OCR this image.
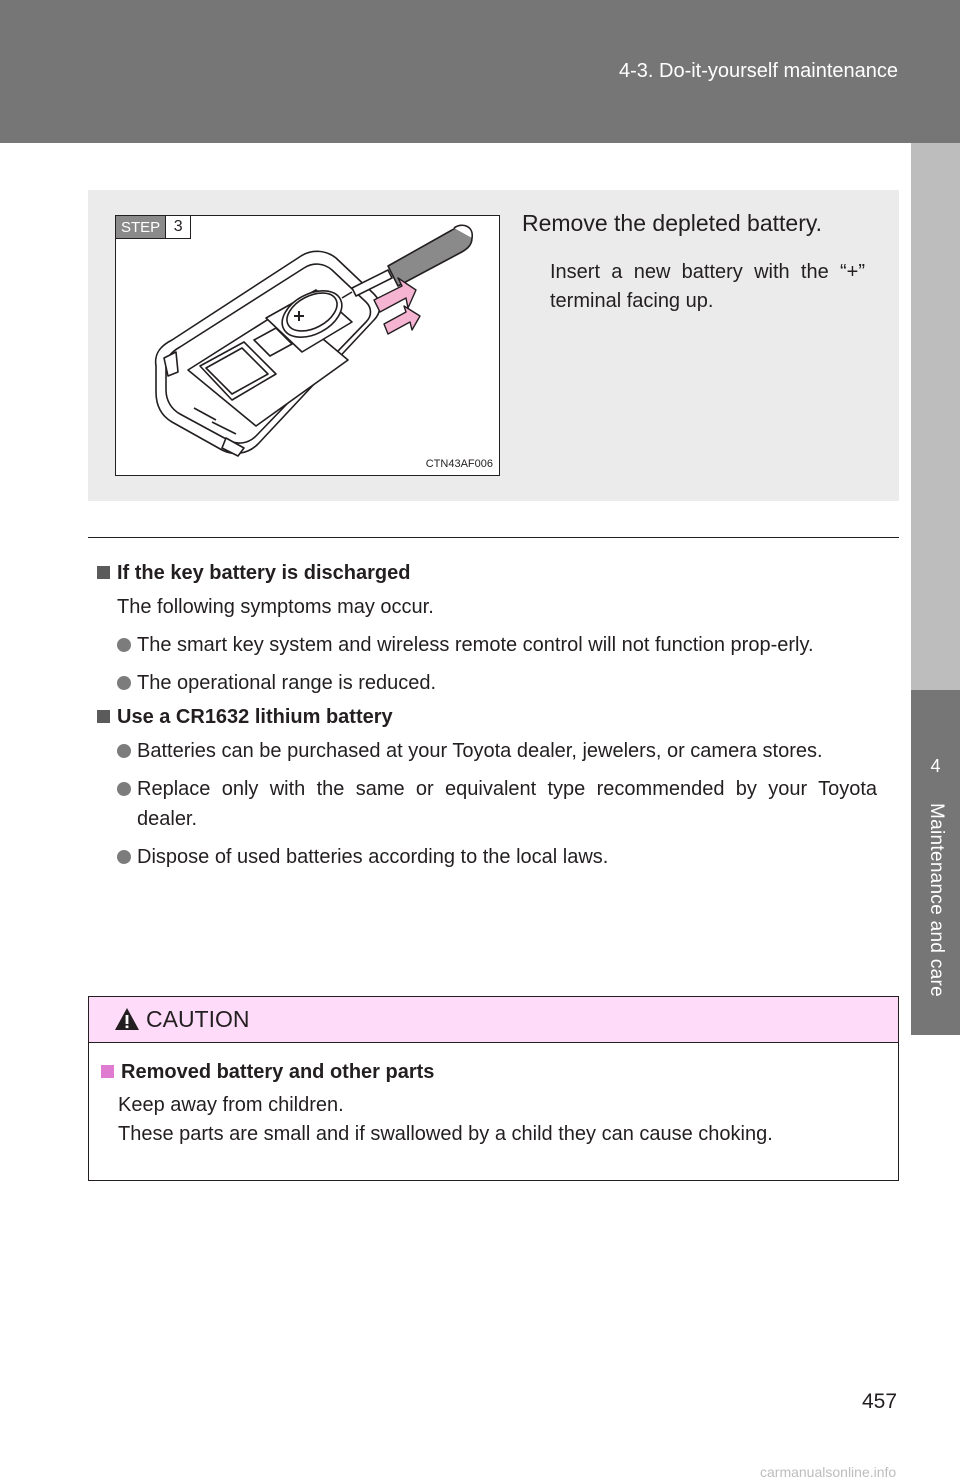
4-3. Do-it-yourself maintenance
4
Maintenance and care
STEP 3
CTN43AF006
Remove the depleted battery.
Insert a new battery with the “+” terminal facing up.
If the key battery is discharged
The following symptoms may occur.
The smart key system and wireless remote control will not function prop-erly.
The operational range is reduced.
Use a CR1632 lithium battery
Batteries can be purchased at your Toyota dealer, jewelers, or camera stores.
Replace only with the same or equivalent type recommended by your Toyota dealer.
Dispose of used batteries according to the local laws.
CAUTION
Removed battery and other parts
Keep away from children.
These parts are small and if swallowed by a child they can cause choking.
457
carmanualsonline.info
